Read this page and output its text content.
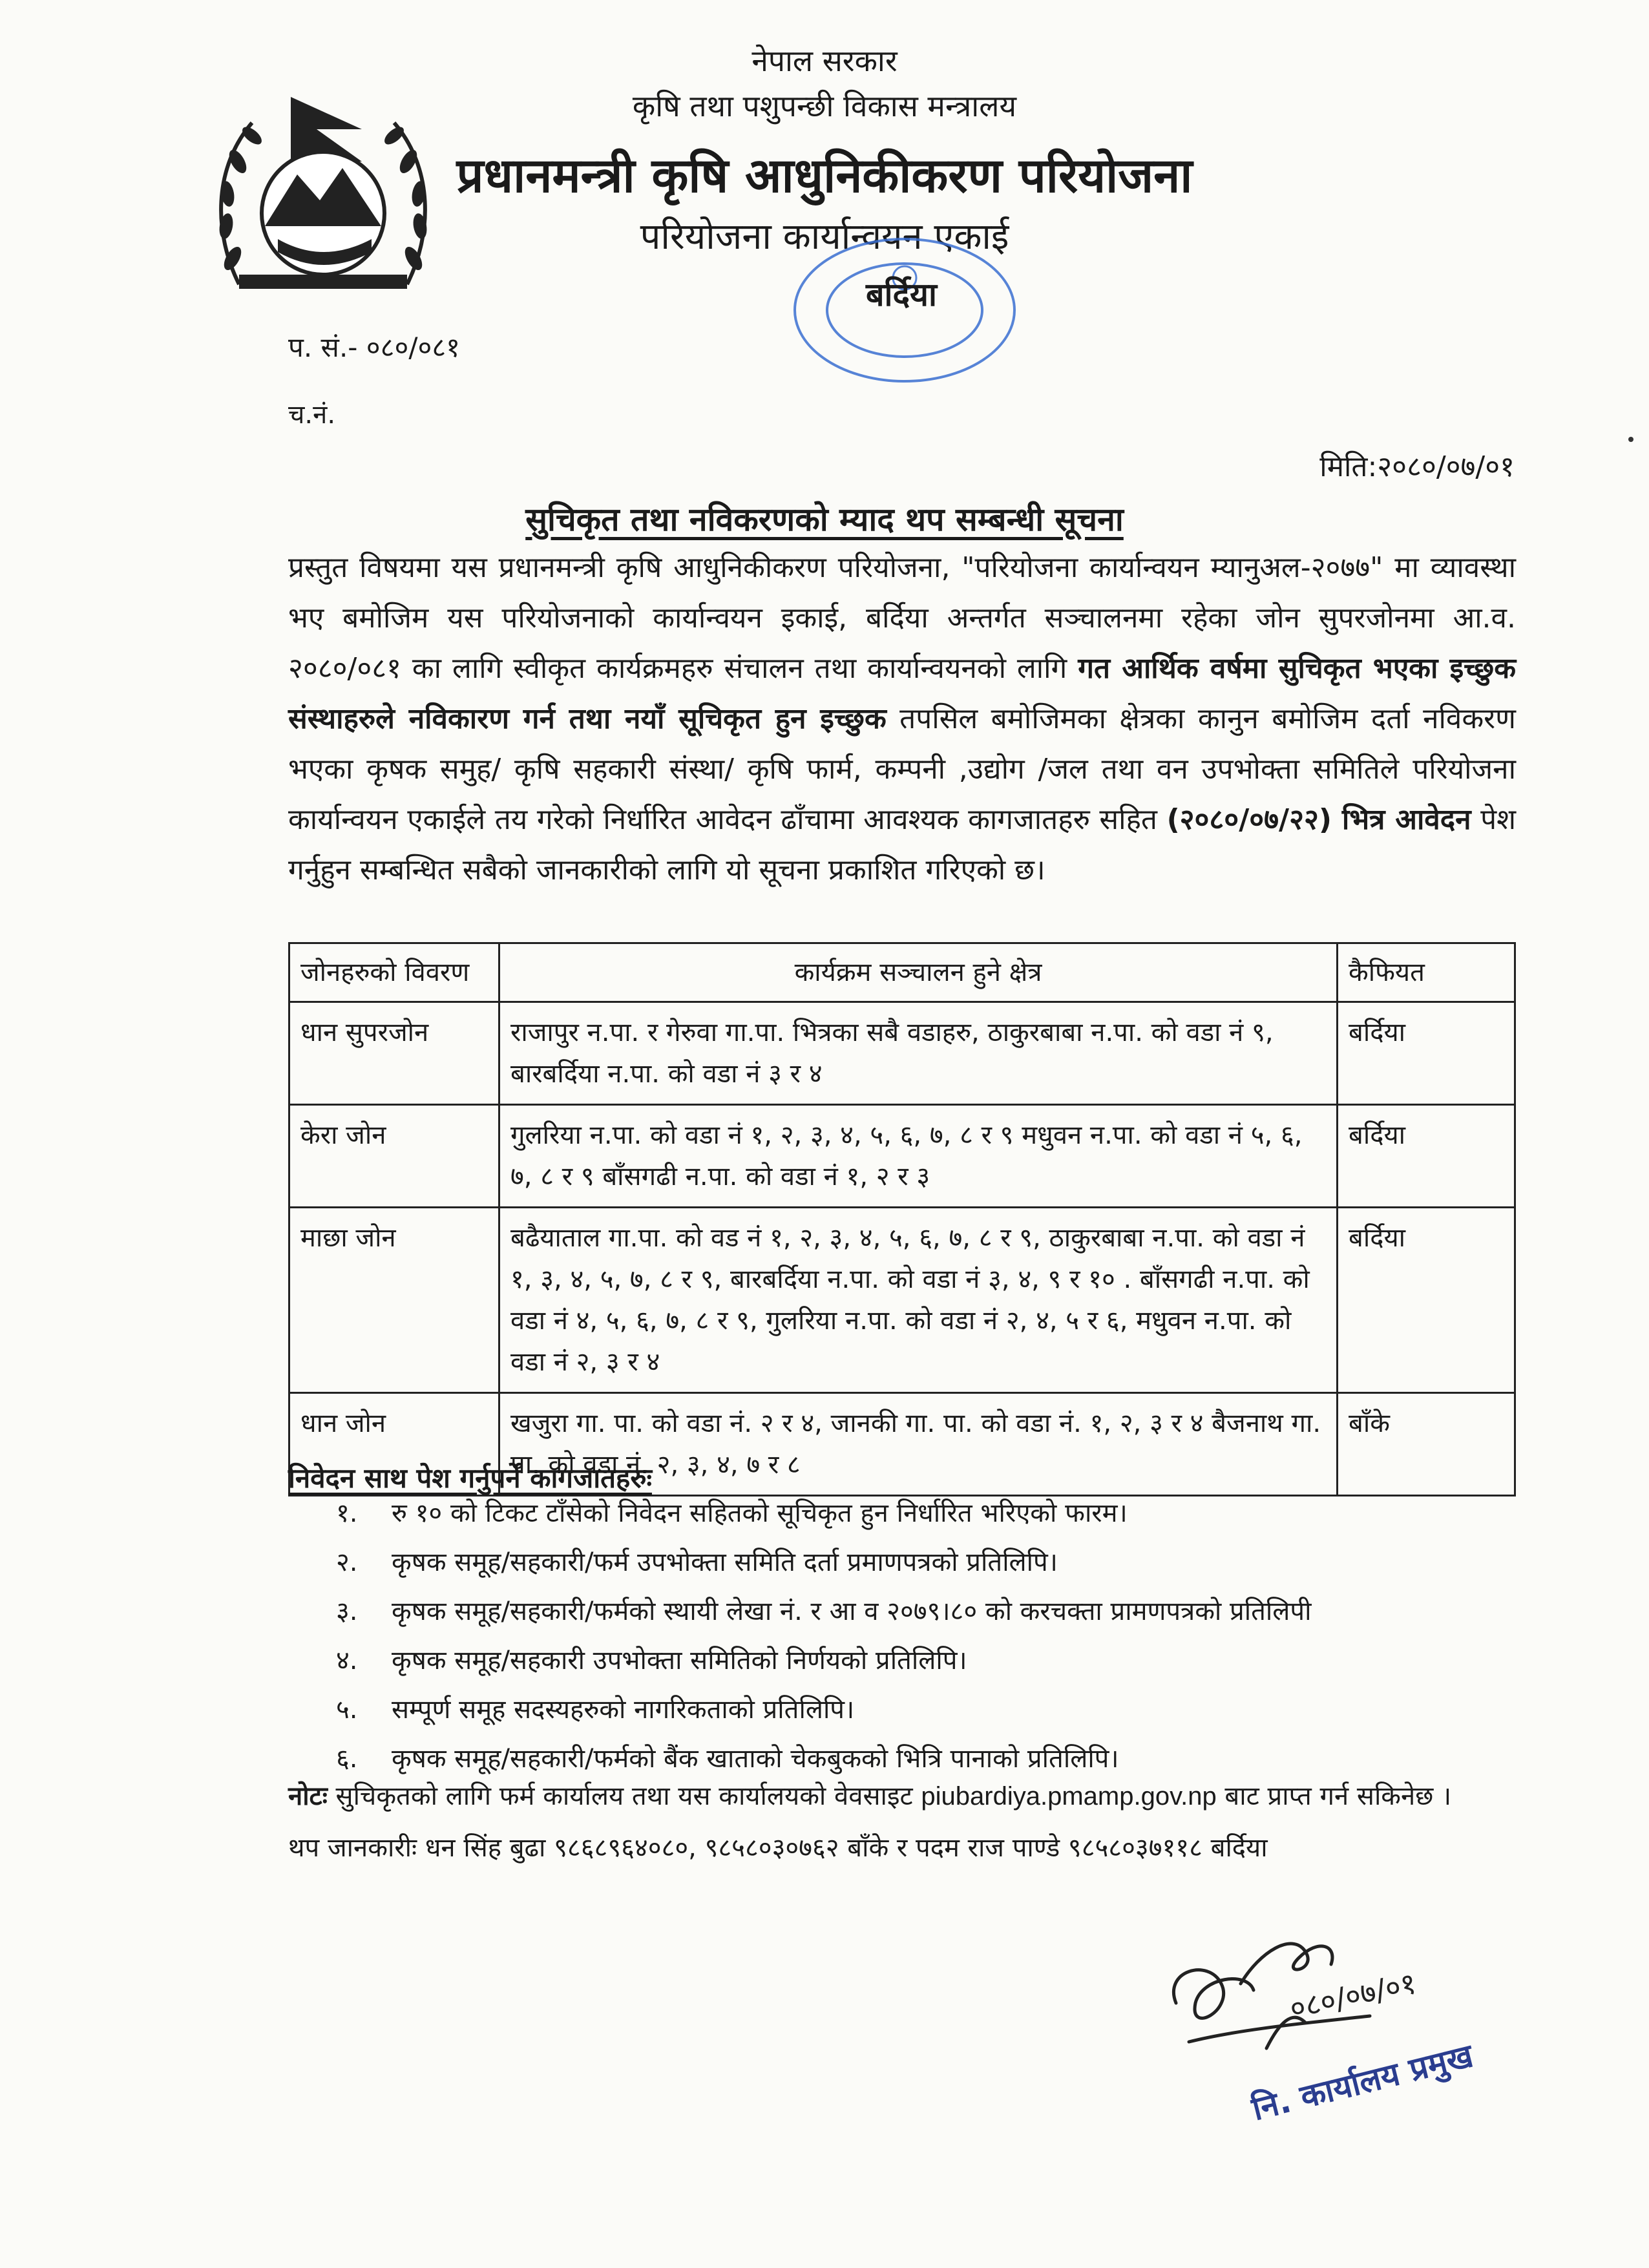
नेपाल सरकार
कृषि तथा पशुपन्छी विकास मन्त्रालय
प्रधानमन्त्री कृषि आधुनिकीकरण परियोजना
परियोजना कार्यान्वयन एकाई
बर्दिया
प. सं.- ०८०/०८१
च.नं.
मिति:२०८०/०७/०१
सुचिकृत तथा नविकरणको म्याद थप सम्बन्धी सूचना
प्रस्तुत विषयमा यस प्रधानमन्त्री कृषि आधुनिकीकरण परियोजना, "परियोजना कार्यान्वयन म्यानुअल-२०७७" मा व्यावस्था भए बमोजिम यस परियोजनाको कार्यान्वयन इकाई, बर्दिया अन्तर्गत सञ्चालनमा रहेका जोन सुपरजोनमा आ.व. २०८०/०८१ का लागि स्वीकृत कार्यक्रमहरु संचालन तथा कार्यान्वयनको लागि गत आर्थिक वर्षमा सुचिकृत भएका इच्छुक संस्थाहरुले नविकारण गर्न तथा नयाँ सूचिकृत हुन इच्छुक तपसिल बमोजिमका क्षेत्रका कानुन बमोजिम दर्ता नविकरण भएका कृषक समुह/ कृषि सहकारी संस्था/ कृषि फार्म, कम्पनी ,उद्योग /जल तथा वन उपभोक्ता समितिले परियोजना कार्यान्वयन एकाईले तय गरेको निर्धारित आवेदन ढाँचामा आवश्यक कागजातहरु सहित (२०८०/०७/२२) भित्र आवेदन पेश गर्नुहुन सम्बन्धित सबैको जानकारीको लागि यो सूचना प्रकाशित गरिएको छ।
जोनहरुको विवरण	कार्यक्रम सञ्चालन हुने क्षेत्र	कैफियत
धान सुपरजोन	राजापुर न.पा. र गेरुवा गा.पा. भित्रका सबै वडाहरु, ठाकुरबाबा न.पा. को वडा नं ९, बारबर्दिया न.पा. को वडा नं ३ र ४	बर्दिया
केरा जोन	गुलरिया न.पा. को वडा नं १, २, ३, ४, ५, ६, ७, ८ र ९ मधुवन न.पा. को वडा नं ५, ६, ७, ८ र ९ बाँसगढी न.पा. को वडा नं १, २ र ३	बर्दिया
माछा जोन	बढैयाताल गा.पा. को वड नं १, २, ३, ४, ५, ६, ७, ८ र ९, ठाकुरबाबा न.पा. को वडा नं १, ३, ४, ५, ७, ८ र ९, बारबर्दिया न.पा. को वडा नं ३, ४, ९ र १० . बाँसगढी न.पा. को वडा नं ४, ५, ६, ७, ८ र ९, गुलरिया न.पा. को वडा नं २, ४, ५ र ६, मधुवन न.पा. को वडा नं २, ३ र ४	बर्दिया
धान जोन	खजुरा गा. पा. को वडा नं. २ र ४, जानकी गा. पा. को वडा नं. १, २, ३ र ४ बैजनाथ गा. पा. को वडा नं. २, ३, ४, ७ र ८	बाँके
निवेदन साथ पेश गर्नुपर्ने कागजातहरुः
१. रु १० को टिकट टाँसेको निवेदन सहितको सूचिकृत हुन निर्धारित भरिएको फारम।
२. कृषक समूह/सहकारी/फर्म उपभोक्ता समिति दर्ता प्रमाणपत्रको प्रतिलिपि।
३. कृषक समूह/सहकारी/फर्मको स्थायी लेखा नं. र आ व २०७९।८० को करचक्ता प्रामणपत्रको प्रतिलिपी
४. कृषक समूह/सहकारी उपभोक्ता समितिको निर्णयको प्रतिलिपि।
५. सम्पूर्ण समूह सदस्यहरुको नागरिकताको प्रतिलिपि।
६. कृषक समूह/सहकारी/फर्मको बैंक खाताको चेकबुकको भित्रि पानाको प्रतिलिपि।
नोटः सुचिकृतको लागि फर्म कार्यालय तथा यस कार्यालयको वेवसाइट piubardiya.pmamp.gov.np बाट प्राप्त गर्न सकिनेछ ।
थप जानकारीः धन सिंह बुढा ९८६८९६४०८०, ९८५८०३०७६२ बाँके र पदम राज पाण्डे ९८५८०३७११८ बर्दिया
०८०/०७/०१
नि. कार्यालय प्रमुख
